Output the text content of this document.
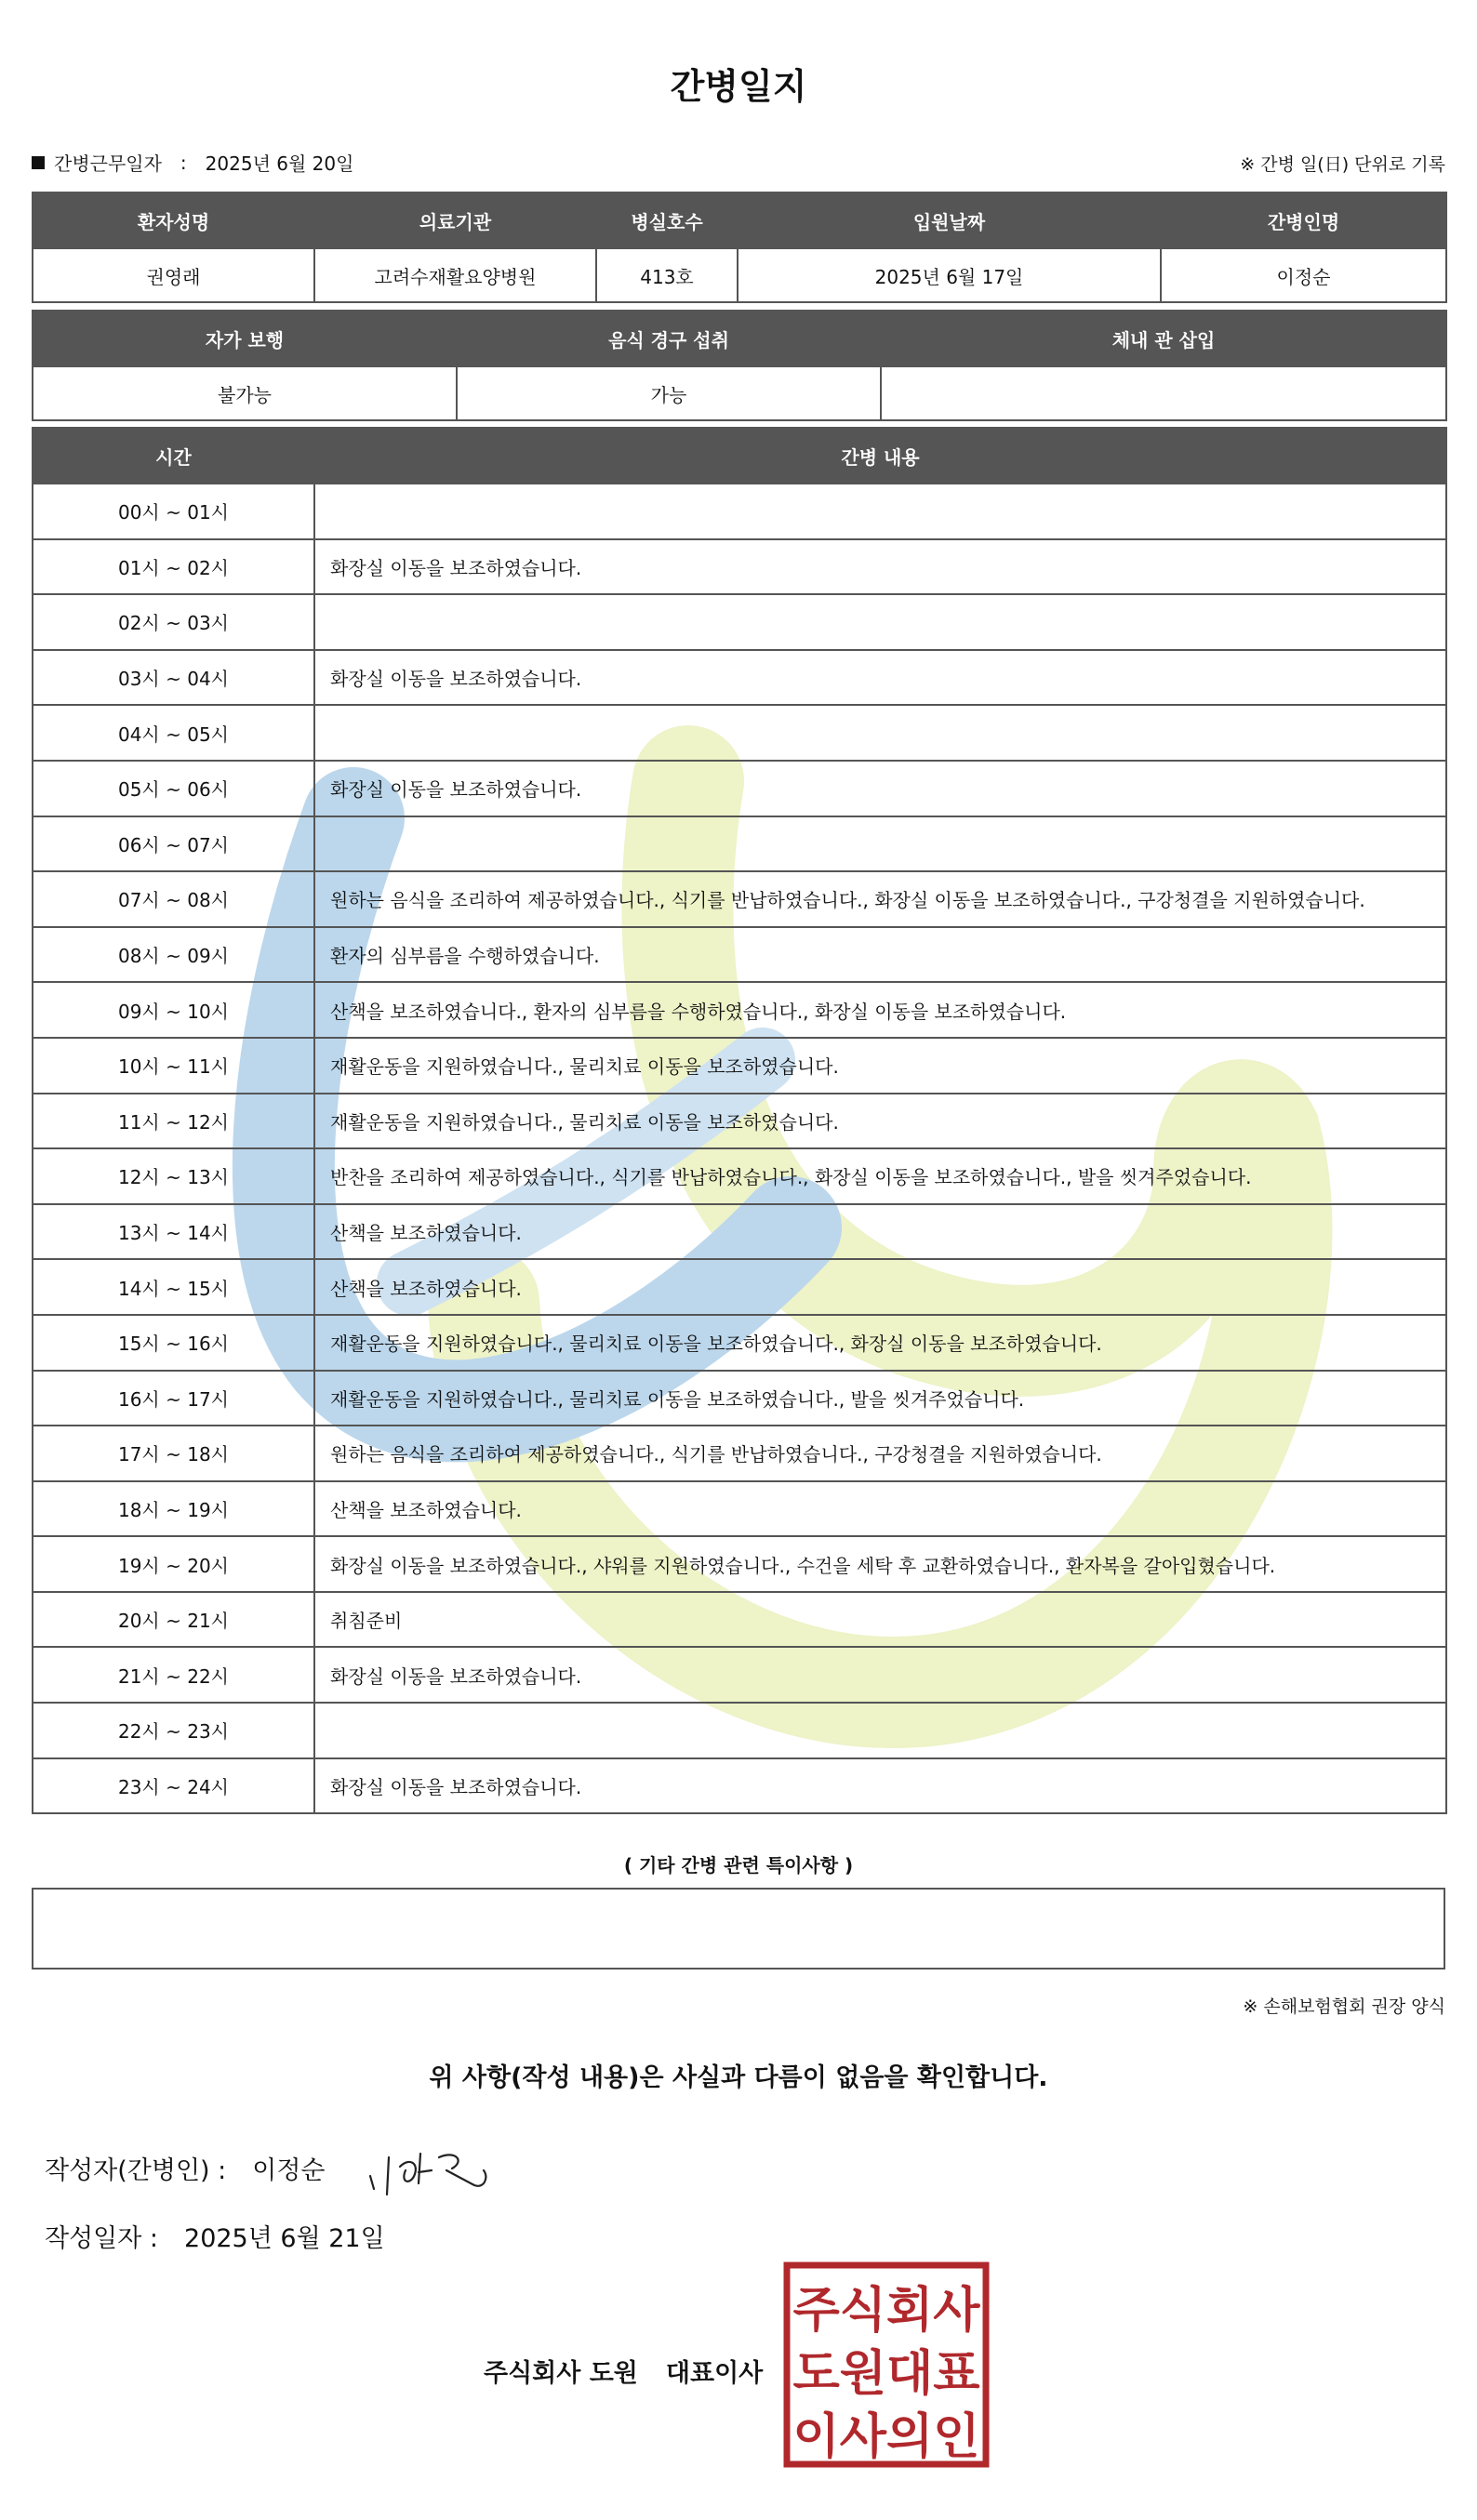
간병일지
간병근무일자 : 2025년 6월 20일	※ 간병 일(日) 단위로 기록
환자성명	의료기관	병실호수	입원날짜	간병인명
권영래	고려수재활요양병원	413호	2025년 6월 17일	이정순
자가 보행	음식 경구 섭취	체내 관 삽입
불가능	가능	
시간	간병 내용
00시 ~ 01시	
01시 ~ 02시	화장실 이동을 보조하였습니다.
02시 ~ 03시	
03시 ~ 04시	화장실 이동을 보조하였습니다.
04시 ~ 05시	
05시 ~ 06시	화장실 이동을 보조하였습니다.
06시 ~ 07시	
07시 ~ 08시	원하는 음식을 조리하여 제공하였습니다., 식기를 반납하였습니다., 화장실 이동을 보조하였습니다., 구강청결을 지원하였습니다.
08시 ~ 09시	환자의 심부름을 수행하였습니다.
09시 ~ 10시	산책을 보조하였습니다., 환자의 심부름을 수행하였습니다., 화장실 이동을 보조하였습니다.
10시 ~ 11시	재활운동을 지원하였습니다., 물리치료 이동을 보조하였습니다.
11시 ~ 12시	재활운동을 지원하였습니다., 물리치료 이동을 보조하였습니다.
12시 ~ 13시	반찬을 조리하여 제공하였습니다., 식기를 반납하였습니다., 화장실 이동을 보조하였습니다., 발을 씻겨주었습니다.
13시 ~ 14시	산책을 보조하였습니다.
14시 ~ 15시	산책을 보조하였습니다.
15시 ~ 16시	재활운동을 지원하였습니다., 물리치료 이동을 보조하였습니다., 화장실 이동을 보조하였습니다.
16시 ~ 17시	재활운동을 지원하였습니다., 물리치료 이동을 보조하였습니다., 발을 씻겨주었습니다.
17시 ~ 18시	원하는 음식을 조리하여 제공하였습니다., 식기를 반납하였습니다., 구강청결을 지원하였습니다.
18시 ~ 19시	산책을 보조하였습니다.
19시 ~ 20시	화장실 이동을 보조하였습니다., 샤워를 지원하였습니다., 수건을 세탁 후 교환하였습니다., 환자복을 갈아입혔습니다.
20시 ~ 21시	취침준비
21시 ~ 22시	화장실 이동을 보조하였습니다.
22시 ~ 23시	
23시 ~ 24시	화장실 이동을 보조하였습니다.
( 기타 간병 관련 특이사항 )
※ 손해보험협회 권장 양식
위 사항(작성 내용)은 사실과 다름이 없음을 확인합니다.
작성자(간병인) : 이정순
작성일자 : 2025년 6월 21일
주식회사 도원 대표이사
주식회사
도원대표
이사의인
